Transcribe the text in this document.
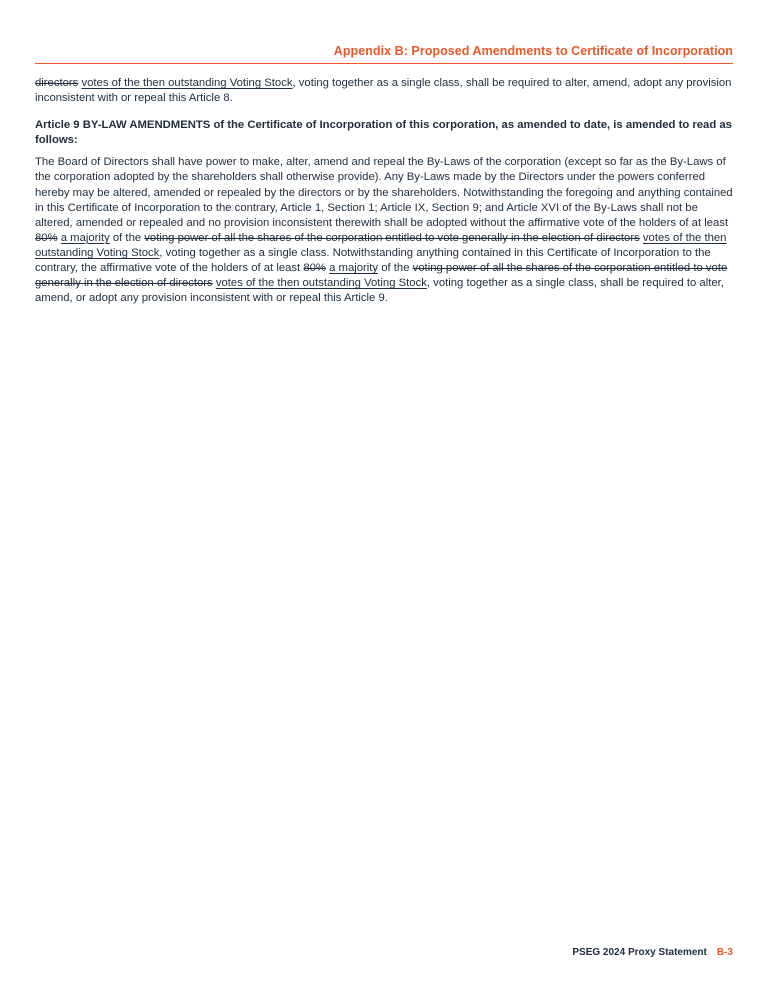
Appendix B: Proposed Amendments to Certificate of Incorporation

directors votes of the then outstanding Voting Stock, voting together as a single class, shall be required to alter, amend, adopt any provision inconsistent with or repeal this Article 8.

Article 9 BY-LAW AMENDMENTS of the Certificate of Incorporation of this corporation, as amended to date, is amended to read as follows:

The Board of Directors shall have power to make, alter, amend and repeal the By-Laws of the corporation (except so far as the By-Laws of the corporation adopted by the shareholders shall otherwise provide). Any By-Laws made by the Directors under the powers conferred hereby may be altered, amended or repealed by the directors or by the shareholders. Notwithstanding the foregoing and anything contained in this Certificate of Incorporation to the contrary, Article 1, Section 1; Article IX, Section 9; and Article XVI of the By-Laws shall not be altered, amended or repealed and no provision inconsistent therewith shall be adopted without the affirmative vote of the holders of at least 80% a majority of the voting power of all the shares of the corporation entitled to vote generally in the election of directors votes of the then outstanding Voting Stock, voting together as a single class. Notwithstanding anything contained in this Certificate of Incorporation to the contrary, the affirmative vote of the holders of at least 80% a majority of the voting power of all the shares of the corporation entitled to vote generally in the election of directors votes of the then outstanding Voting Stock, voting together as a single class, shall be required to alter, amend, or adopt any provision inconsistent with or repeal this Article 9.

PSEG 2024 Proxy Statement B-3
